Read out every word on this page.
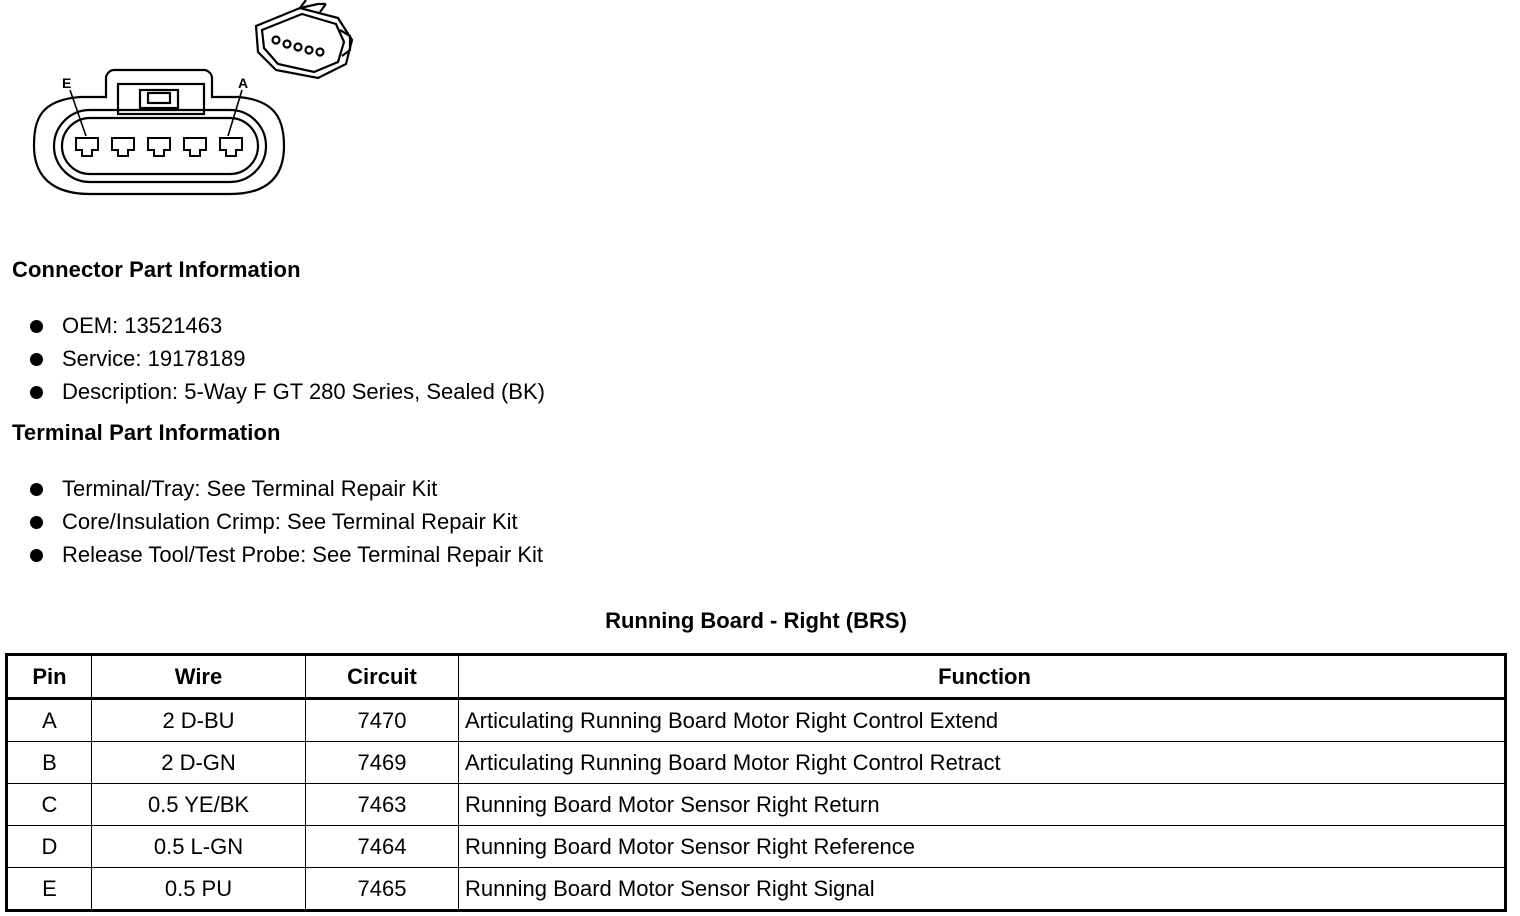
E	A
Connector Part Information
OEM: 13521463
Service: 19178189
Description: 5-Way F GT 280 Series, Sealed (BK)
Terminal Part Information
Terminal/Tray: See Terminal Repair Kit
Core/Insulation Crimp: See Terminal Repair Kit
Release Tool/Test Probe: See Terminal Repair Kit
Running Board - Right (BRS)
Pin	Wire	Circuit	Function
A	2 D-BU	7470	Articulating Running Board Motor Right Control Extend
B	2 D-GN	7469	Articulating Running Board Motor Right Control Retract
C	0.5 YE/BK	7463	Running Board Motor Sensor Right Return
D	0.5 L-GN	7464	Running Board Motor Sensor Right Reference
E	0.5 PU	7465	Running Board Motor Sensor Right Signal
